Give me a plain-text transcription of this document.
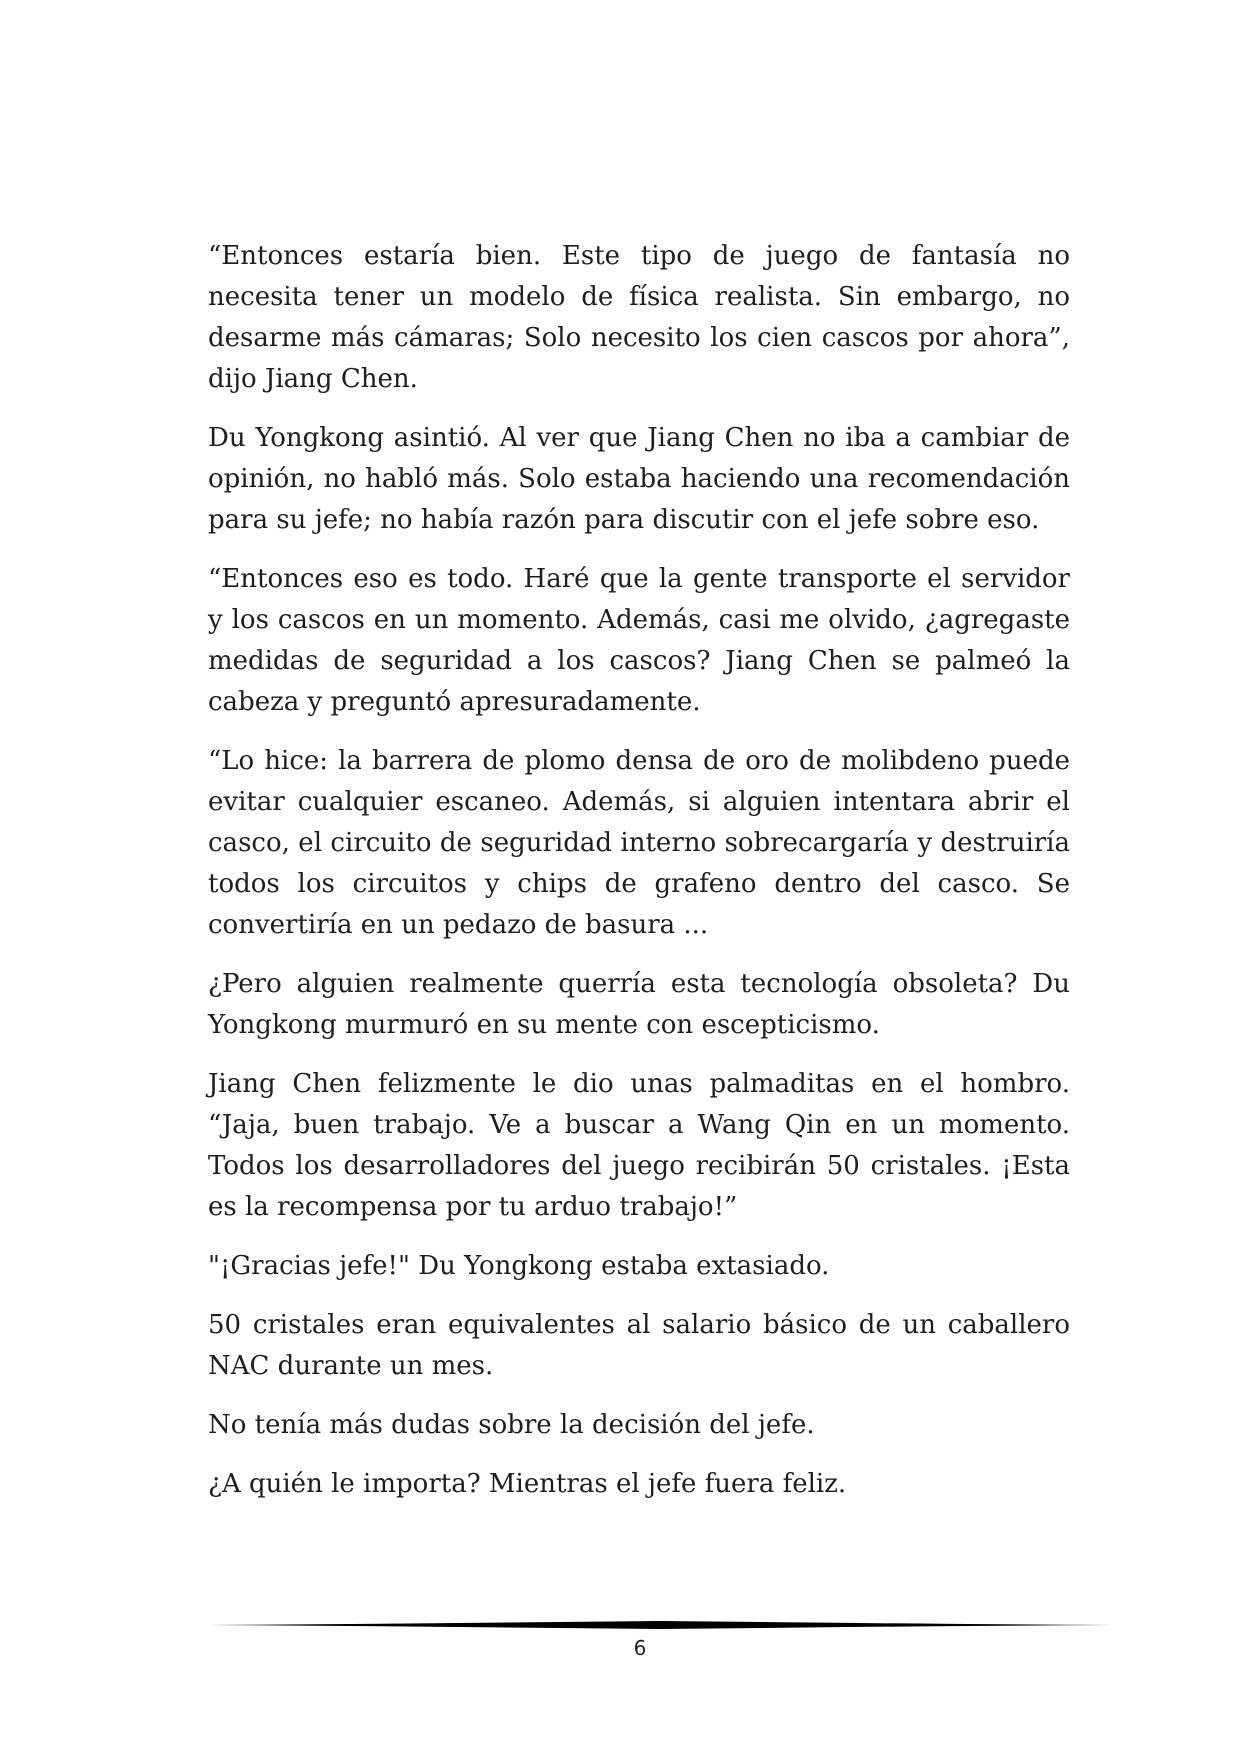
“Entonces estaría bien. Este tipo de juego de fantasía no necesita tener un modelo de física realista. Sin embargo, no desarme más cámaras; Solo necesito los cien cascos por ahora”, dijo Jiang Chen.

Du Yongkong asintió. Al ver que Jiang Chen no iba a cambiar de opinión, no habló más. Solo estaba haciendo una recomendación para su jefe; no había razón para discutir con el jefe sobre eso.

“Entonces eso es todo. Haré que la gente transporte el servidor y los cascos en un momento. Además, casi me olvido, ¿agregaste medidas de seguridad a los cascos? Jiang Chen se palmeó la cabeza y preguntó apresuradamente.

“Lo hice: la barrera de plomo densa de oro de molibdeno puede evitar cualquier escaneo. Además, si alguien intentara abrir el casco, el circuito de seguridad interno sobrecargaría y destruiría todos los circuitos y chips de grafeno dentro del casco. Se convertiría en un pedazo de basura ...

¿Pero alguien realmente querría esta tecnología obsoleta? Du Yongkong murmuró en su mente con escepticismo.

Jiang Chen felizmente le dio unas palmaditas en el hombro. “Jaja, buen trabajo. Ve a buscar a Wang Qin en un momento. Todos los desarrolladores del juego recibirán 50 cristales. ¡Esta es la recompensa por tu arduo trabajo!”

"¡Gracias jefe!" Du Yongkong estaba extasiado.

50 cristales eran equivalentes al salario básico de un caballero NAC durante un mes.

No tenía más dudas sobre la decisión del jefe.

¿A quién le importa? Mientras el jefe fuera feliz.

6
